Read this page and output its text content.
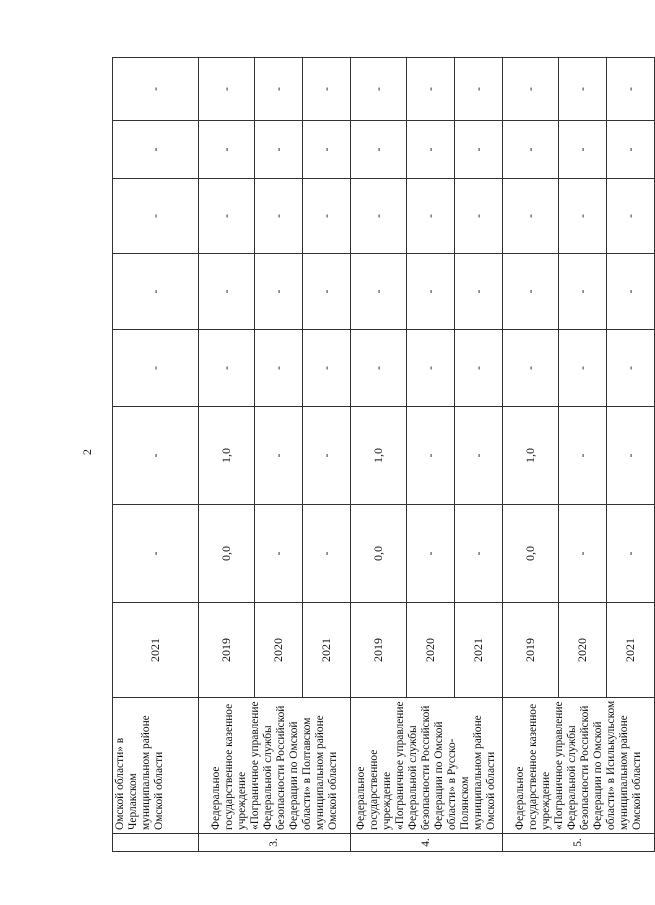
2
	Омской области» в Черлакском муниципальном районе Омской области	2021	-	-	-	-	-	-	-
3.	Федеральное государственное казенное учреждение «Пограничное управление Федеральной службы безопасности Российской Федерации по Омской области» в Полтавском муниципальном районе Омской области	2019	0,0	1,0	-	-	-	-	-
		2020	-	-	-	-	-	-	-
		2021	-	-	-	-	-	-	-
4.	Федеральное государственное учреждение «Пограничное управление Федеральной службы безопасности Российской Федерации по Омской области» в Русско-Полянском муниципальном районе Омской области	2019	0,0	1,0	-	-	-	-	-
		2020	-	-	-	-	-	-	-
		2021	-	-	-	-	-	-	-
5.	Федеральное государственное казенное учреждение «Пограничное управление Федеральной службы безопасности Российской Федерации по Омской области» в Исилькульском муниципальном районе Омской области	2019	0,0	1,0	-	-	-	-	-
		2020	-	-	-	-	-	-	-
		2021	-	-	-	-	-	-	-
